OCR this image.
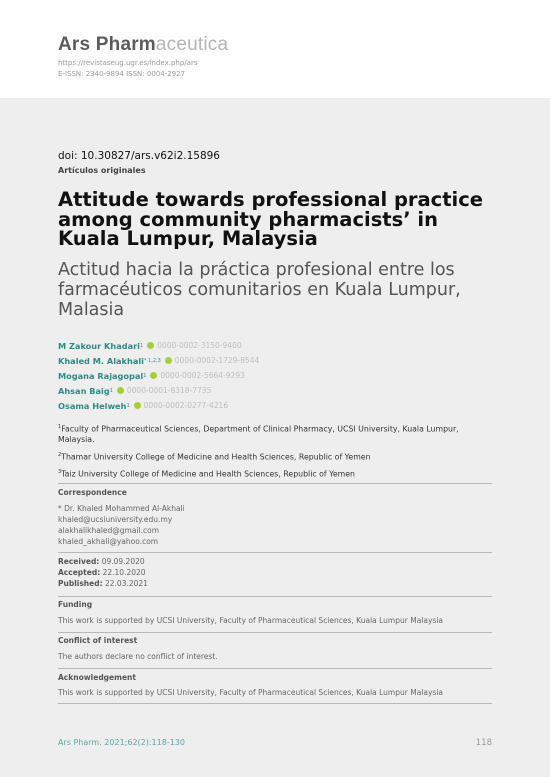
Ars Pharmaceutica
https://revistaseug.ugr.es/index.php/ars
E-ISSN: 2340-9894 ISSN: 0004-2927
doi: 10.30827/ars.v62i2.15896
Artículos originales
Attitude towards professional practice among community pharmacists’ in Kuala Lumpur, Malaysia
Actitud hacia la práctica profesional entre los farmacéuticos comunitarios en Kuala Lumpur, Malasia
M Zakour Khadari 1 0000-0002-3150-9400
Khaled M. Alakhali * 1,2,3 0000-0002-1729-8544
Mogana Rajagopal 1 0000-0002-5664-9293
Ahsan Baig 1 0000-0001-8318-7735
Osama Helweh 1 0000-0002-0277-4216
$^1$Faculty of Pharmaceutical Sciences, Department of Clinical Pharmacy, UCSI University, Kuala Lumpur, Malaysia.
$^2$Thamar University College of Medicine and Health Sciences, Republic of Yemen
$^3$Taiz University College of Medicine and Health Sciences, Republic of Yemen
Correspondence
* Dr. Khaled Mohammed Al-Akhali
khaled@ucsiuniversity.edu.my
alakhalikhaled@gmail.com
khaled_akhali@yahoo.com
Received: 09.09.2020
Accepted: 22.10.2020
Published: 22.03.2021
Funding
This work is supported by UCSI University, Faculty of Pharmaceutical Sciences, Kuala Lumpur Malaysia
Conflict of interest
The authors declare no conflict of interest.
Acknowledgement
This work is supported by UCSI University, Faculty of Pharmaceutical Sciences, Kuala Lumpur Malaysia
Ars Pharm. 2021;62(2):118-130	118
